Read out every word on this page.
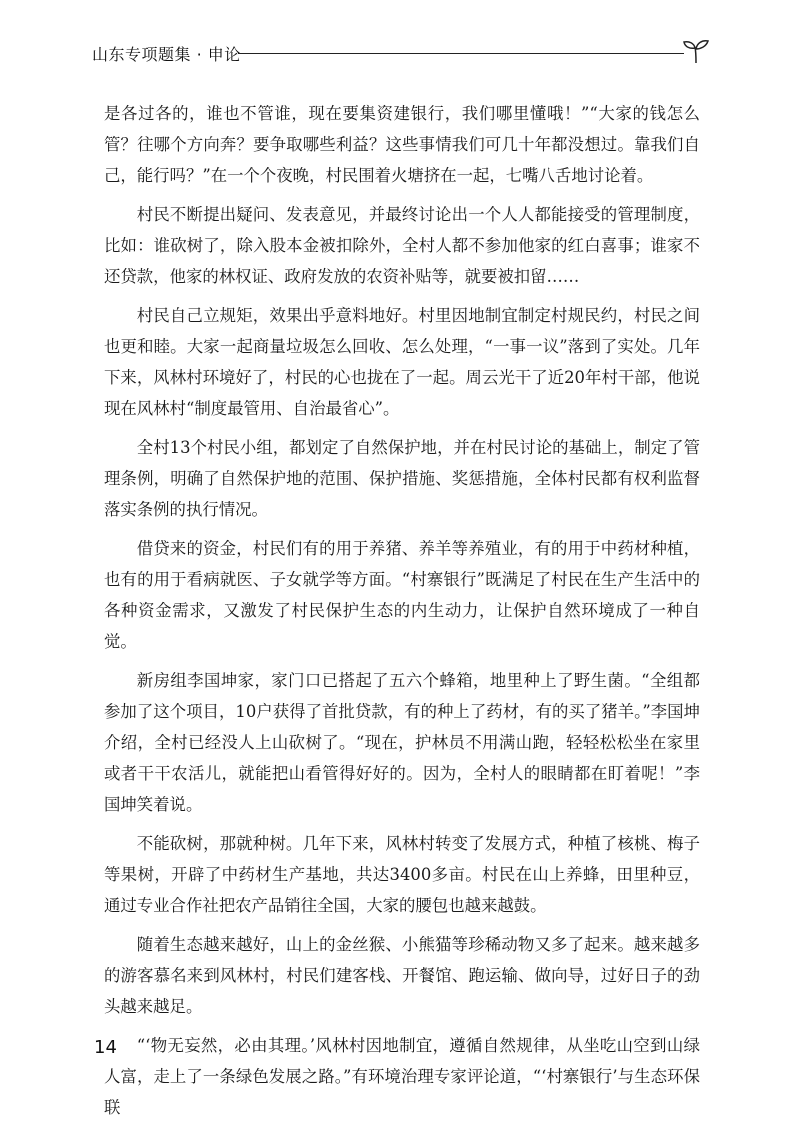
山东专项题集 · 申论

是各过各的，谁也不管谁，现在要集资建银行，我们哪里懂哦！”“大家的钱怎么管？往哪个方向奔？要争取哪些利益？这些事情我们可几十年都没想过。靠我们自己，能行吗？”在一个个夜晚，村民围着火塘挤在一起，七嘴八舌地讨论着。

村民不断提出疑问、发表意见，并最终讨论出一个人人都能接受的管理制度，比如：谁砍树了，除入股本金被扣除外，全村人都不参加他家的红白喜事；谁家不还贷款，他家的林权证、政府发放的农资补贴等，就要被扣留……

村民自己立规矩，效果出乎意料地好。村里因地制宜制定村规民约，村民之间也更和睦。大家一起商量垃圾怎么回收、怎么处理，“一事一议”落到了实处。几年下来，风林村环境好了，村民的心也拢在了一起。周云光干了近20年村干部，他说现在风林村“制度最管用、自治最省心”。

全村13个村民小组，都划定了自然保护地，并在村民讨论的基础上，制定了管理条例，明确了自然保护地的范围、保护措施、奖惩措施，全体村民都有权利监督落实条例的执行情况。

借贷来的资金，村民们有的用于养猪、养羊等养殖业，有的用于中药材种植，也有的用于看病就医、子女就学等方面。“村寨银行”既满足了村民在生产生活中的各种资金需求，又激发了村民保护生态的内生动力，让保护自然环境成了一种自觉。

新房组李国坤家，家门口已搭起了五六个蜂箱，地里种上了野生菌。“全组都参加了这个项目，10户获得了首批贷款，有的种上了药材，有的买了猪羊。”李国坤介绍，全村已经没人上山砍树了。“现在，护林员不用满山跑，轻轻松松坐在家里或者干干农活儿，就能把山看管得好好的。因为，全村人的眼睛都在盯着呢！”李国坤笑着说。

不能砍树，那就种树。几年下来，风林村转变了发展方式，种植了核桃、梅子等果树，开辟了中药材生产基地，共达3400多亩。村民在山上养蜂，田里种豆，通过专业合作社把农产品销往全国，大家的腰包也越来越鼓。

随着生态越来越好，山上的金丝猴、小熊猫等珍稀动物又多了起来。越来越多的游客慕名来到风林村，村民们建客栈、开餐馆、跑运输、做向导，过好日子的劲头越来越足。

“‘物无妄然，必由其理。’风林村因地制宜，遵循自然规律，从坐吃山空到山绿人富，走上了一条绿色发展之路。”有环境治理专家评论道，“‘村寨银行’与生态环保联

14
